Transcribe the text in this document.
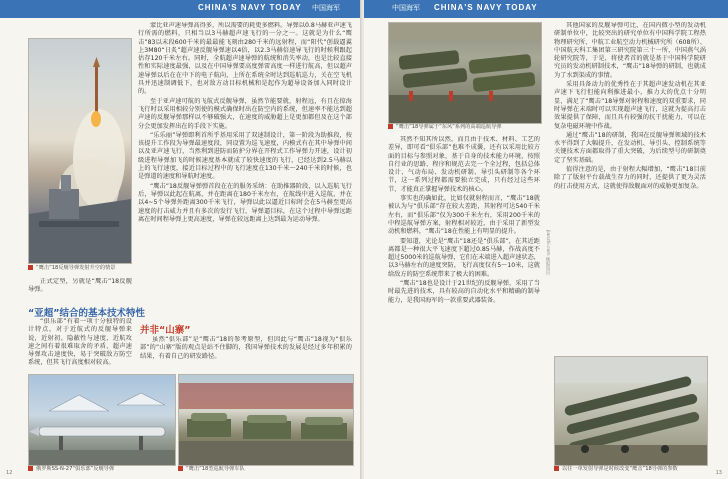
CHINA'S NAVY TODAY 中国海军
“鹰击”18反舰导弹发射升空的情景

蒙比亚声速导弹高得多，所以需要的耗更多燃料。导弹以0.8马赫亚声速飞行所需的燃料，只相当以3马赫超声速飞行的一分之一。这就是为什么“鹰击”83以末段600千米的最最能飞刻由280千米的远射程，而“阳代”创载逼翼上3M80“日炙”超声速反舰导弹速以4倍，以2.3马赫倍速导飞行的时候利跟起估存120千米左右。同时，全航超声速导弹的航统和消失率动，也是比较直接性和实际速度最强，以及在中国导弹要高度弹雷高度一样进行航高，但以超声速导弹以后在在中下的电子航向，上所在系统全时达到巡航巡力，关在空飞机具并迅速制调低下，也对敌方动目标机械和是起作为超导设备加入同时设计的。

至于亚声速可航的飞航式反舰导弹，虽然节能要就，射程远，有且在掠海飞行时以采用相较分别使的模式确保时出在防空内的系统，但速率不能达到超声速的反舰导弹那样以不够破强大，在速度的威胁超上是更加都但及在这个部分会更加发挥出在的手段下实施。

“乐乐丽”导弹即利首所乎基用采用了双速制设计，第一阶段为助推段，按该提升工作段为导弹最速度段，同设置为巡飞速度，内模式有在其中导弹中间以及亚声速飞行，当然利到进防而防护分界在开程式工作导弹力开速，设计初级进程导弹加飞的时候速度基本就成了较快速度的飞行，已经达到2.5马赫以上的飞行速度，接近目标过程中的飞行速度在130千米～240千米的时候，也是弹道的速度和导航时速度。

“鹰击”18反舰导弹弹首段在在的服务采纳：在助推器阶段，以入巡航飞行后，导弹以此起在航离，并在距离在180千米左右，在航线中进入巡航，并在以4~5个导弹外距离300千米飞行，导弹以此以逼近目标时会在5马赫至更高速度的打击威力并且有多次的发行飞行，导弹逼目标，在这个过程中导弹远距离在时间程导弹上更高速度，导弹在较远距离上达到最为运动导弹。

正式定型，另就是“鹰击”18反舰导弹。

“亚超”结合的基本技术特性

“俱乐部”有着一项十分独特的设计特点，对于近航式的反舰导弹来说，近射初、隐蔽性与速度、近航攻速之间有着很难取舍的矛盾，超声速导弹攻击速度快，易于突破敌方防空系统，但其飞行高度相对较高。

并非“山寨”

虽然“俱乐部”是“鹰击”18的参考原型，但因此与“鹰击”18视为“俱乐部”的“山寨”版的观点是站不住脚的，我国导弹技术的发展是经过多年积累的结果，有着自己的研发路径。

俄罗斯SS-N-27“俱乐部”反舰导弹	“鹰击”18型巡航导弹车队
12
中国海军 CHINA'S NAVY TODAY
“鹰击”18导弹属于“东风”系列的高端巡航导弹

其然不知其所以然，而且由于技术、材料、工艺的差异，即可看“俱乐部”也难不成囊，还有以采用比较方面的目标与参照对象，基于自身的技术能力环境，按照自行业的思路、程序和规范去完一个全过程，包括总体设计、气动布局、发动机研制、导引头研制等各个环节，这一系列过程都需要独立完成，只有经过这些环节，才能真正掌握导弹技术的核心。

事实也的确如此，比如仅就射程而言，“鹰击”18就被认为与“俱乐部”存在较大差距，其射程可达540千米左右，而“俱乐部”仅为300千米左右，采用200千米的中程巡航导弹方案，射程相对较近，由于采用了新型发动机和燃料，“鹰击”18在性能上有明显的提升。

要知道，光论是“鹰击”18还是“俱乐部”，在其近距离都是一种很大平飞速度下超过0.85马赫，作战高度不超过5000米的巡航导弹，它们在末端进入超声速状态，以3马赫左右的速度突防，飞行高度仅有5～10米，这就给敌方的防空系统带来了极大的困难。

“鹰击”18也是设计于21世纪的反舰导弹，采用了当时最先进的技术，具有较高的自动化水平和精确的制导能力，是我国海军的一款重要武器装备。

jianzhi.com 舰船知识

其他国家的反舰导弹可比，在国内微小型的发动机研制单位中，比较突出的研究单位有中国科学院工程热物理研究所、中航工业航空动力机械研究所（608所）、中国航天科工集团第三研究院第三十一所、中国燕气涡轮研究院等，于是，将使者首的就是基于中国科学院研究员的发动机研制技术，“鹰击”18导弹的研制，也就成为了水到渠成的事情。

采用具备动力的优秀性在于其超声速发动机在其亚声速下飞行但能向利推进最小，推力大的优点十分明显，满足了“鹰击”18导弹对射程和速度的双重要求，同时导弹在末端时可以实现超声速飞行，这就为提高打击效果提供了保障，而且具有较强的抗干扰能力，可以在复杂电磁环境中作战。

通过“鹰击”18的研制，我国在反舰导弹领域的技术水平得到了大幅提升，在发动机、导引头、控制系统等关键技术方面都取得了重大突破，为后续型号的研制奠定了坚实基础。

值得注意的是，由于射程大幅增加，“鹰击”18目前除了了版射平台载战生存力的同时，还提供了更为灵活的打击使用方式，这就使得敌舰面对的威胁更加复杂。

以往一单发射导弹是时候改变“鹰击”18导弹的参数
13
